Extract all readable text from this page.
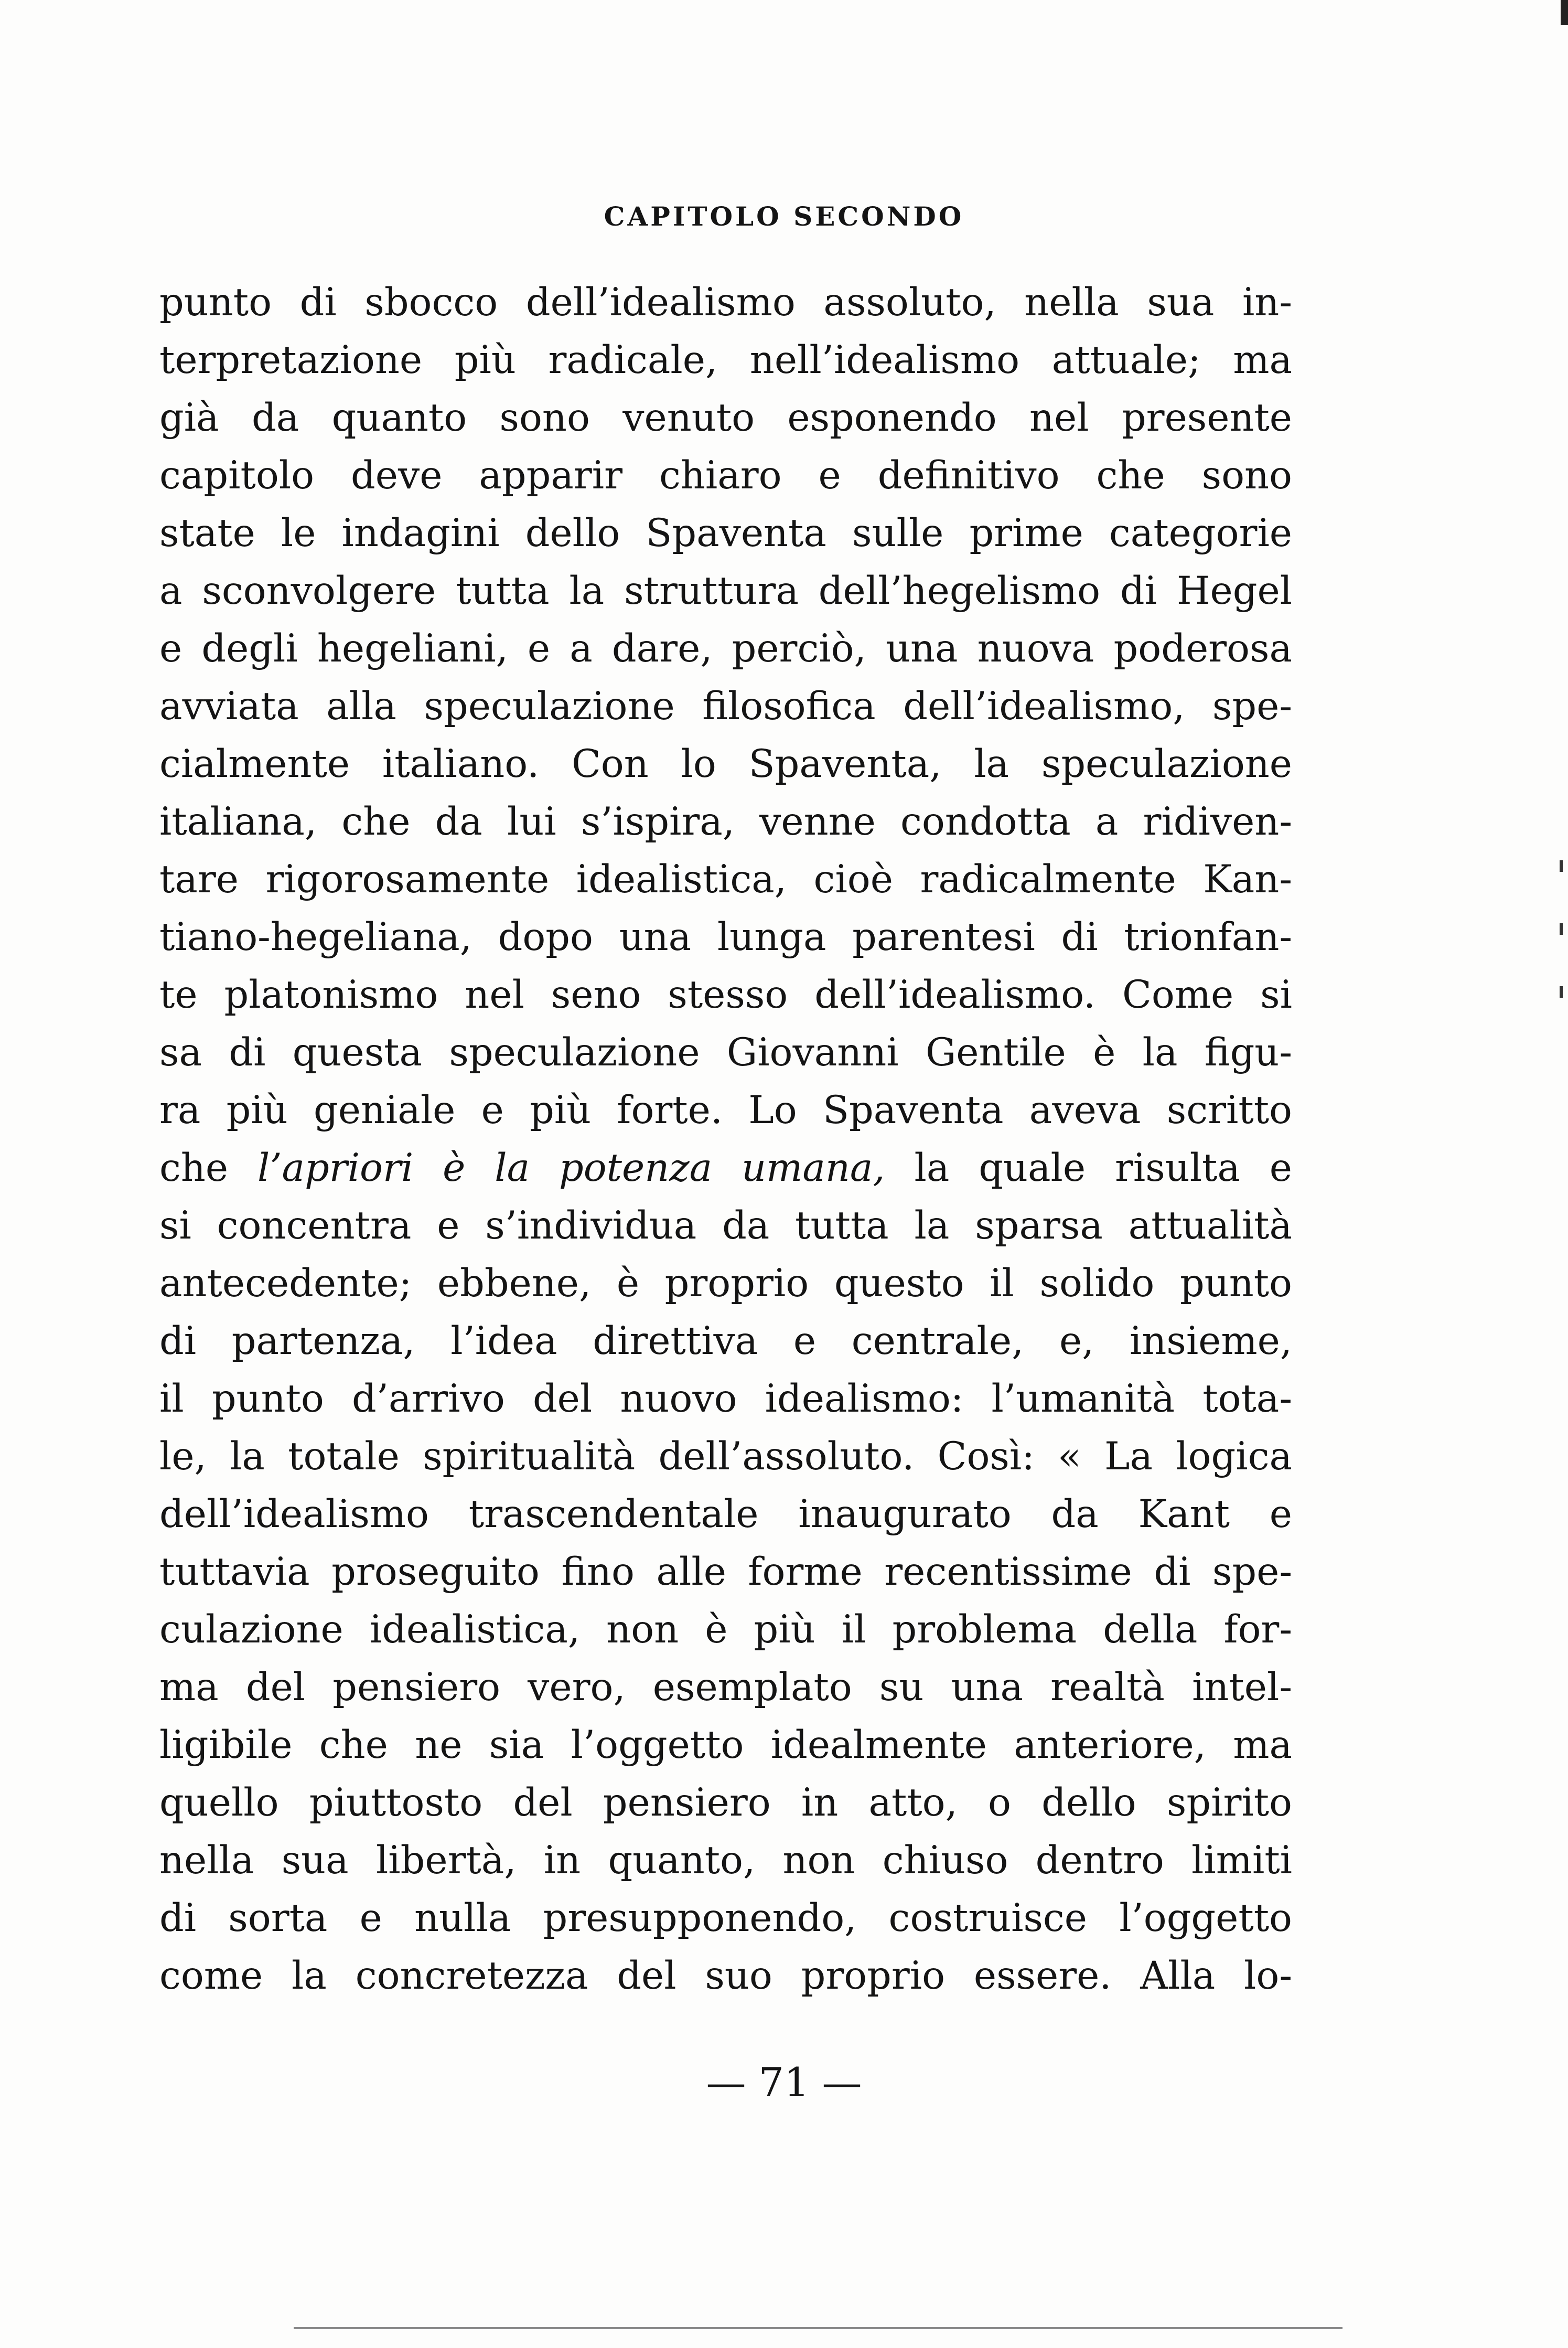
CAPITOLO SECONDO
punto di sbocco dell’idealismo assoluto, nella sua in-
terpretazione più radicale, nell’idealismo attuale; ma
già da quanto sono venuto esponendo nel presente
capitolo deve apparir chiaro e definitivo che sono
state le indagini dello Spaventa sulle prime categorie
a sconvolgere tutta la struttura dell’hegelismo di Hegel
e degli hegeliani, e a dare, perciò, una nuova poderosa
avviata alla speculazione filosofica dell’idealismo, spe-
cialmente italiano. Con lo Spaventa, la speculazione
italiana, che da lui s’ispira, venne condotta a ridiven-
tare rigorosamente idealistica, cioè radicalmente Kan-
tiano-hegeliana, dopo una lunga parentesi di trionfan-
te platonismo nel seno stesso dell’idealismo. Come si
sa di questa speculazione Giovanni Gentile è la figu-
ra più geniale e più forte. Lo Spaventa aveva scritto
che l’apriori è la potenza umana, la quale risulta e
si concentra e s’individua da tutta la sparsa attualità
antecedente; ebbene, è proprio questo il solido punto
di partenza, l’idea direttiva e centrale, e, insieme,
il punto d’arrivo del nuovo idealismo: l’umanità tota-
le, la totale spiritualità dell’assoluto. Così: « La logica
dell’idealismo trascendentale inaugurato da Kant e
tuttavia proseguito fino alle forme recentissime di spe-
culazione idealistica, non è più il problema della for-
ma del pensiero vero, esemplato su una realtà intel-
ligibile che ne sia l’oggetto idealmente anteriore, ma
quello piuttosto del pensiero in atto, o dello spirito
nella sua libertà, in quanto, non chiuso dentro limiti
di sorta e nulla presupponendo, costruisce l’oggetto
come la concretezza del suo proprio essere. Alla lo-
— 71 —
